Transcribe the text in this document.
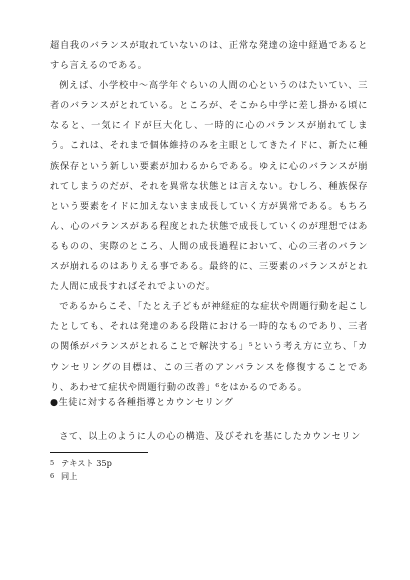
超自我のバランスが取れていないのは、正常な発達の途中経過であるとすら言えるのである。

例えば、小学校中～高学年ぐらいの人間の心というのはたいてい、三者のバランスがとれている。ところが、そこから中学に差し掛かる頃になると、一気にイドが巨大化し、一時的に心のバランスが崩れてしまう。これは、それまで個体維持のみを主眼としてきたイドに、新たに種族保存という新しい要素が加わるからである。ゆえに心のバランスが崩れてしまうのだが、それを異常な状態とは言えない。むしろ、種族保存という要素をイドに加えないまま成長していく方が異常である。もちろん、心のバランスがある程度とれた状態で成長していくのが理想ではあるものの、実際のところ、人間の成長過程において、心の三者のバランスが崩れるのはありえる事である。最終的に、三要素のバランスがとれた人間に成長すればそれでよいのだ。

であるからこそ、「たとえ子どもが神経症的な症状や問題行動を起こしたとしても、それは発達のある段階における一時的なものであり、三者の関係がバランスがとれることで解決する」⁵という考え方に立ち、「カウンセリングの目標は、この三者のアンバランスを修復することであり、あわせて症状や問題行動の改善」⁶をはかるのである。

●生徒に対する各種指導とカウンセリング
さて、以上のように人の心の構造、及びそれを基にしたカウンセリン
5 テキスト 35p
6 同上
